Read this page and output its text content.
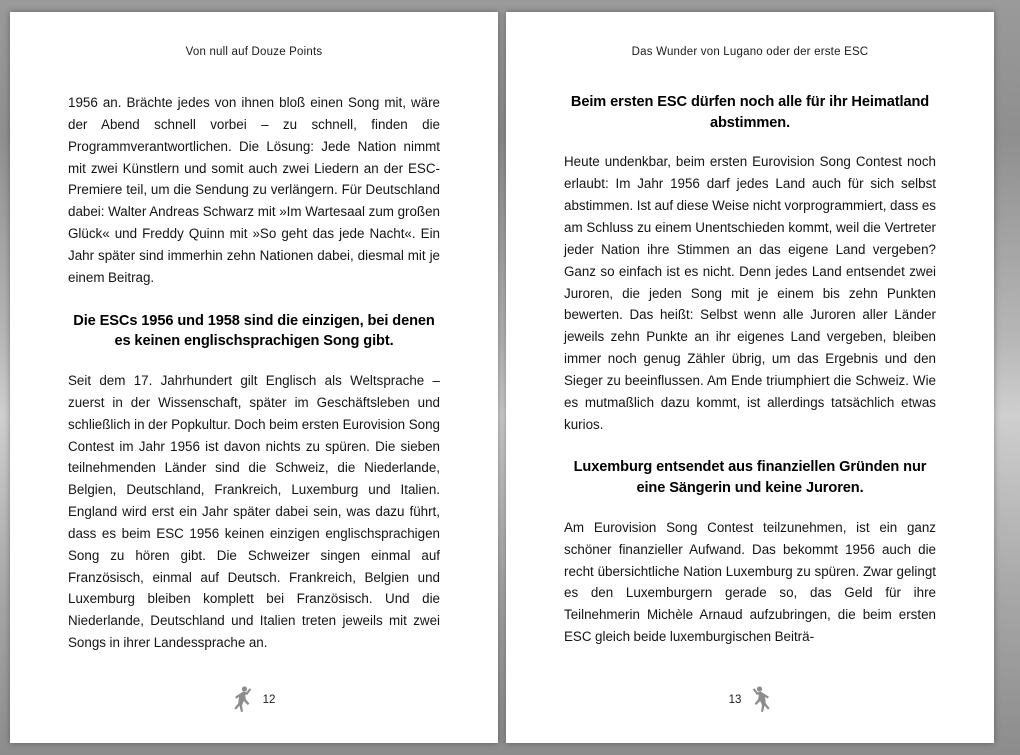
Von null auf Douze Points

1956 an. Brächte jedes von ihnen bloß einen Song mit, wäre der Abend schnell vorbei – zu schnell, finden die Programmverantwortlichen. Die Lösung: Jede Nation nimmt mit zwei Künstlern und somit auch zwei Liedern an der ESC-Premiere teil, um die Sendung zu verlängern. Für Deutschland dabei: Walter Andreas Schwarz mit »Im Wartesaal zum großen Glück« und Freddy Quinn mit »So geht das jede Nacht«. Ein Jahr später sind immerhin zehn Nationen dabei, diesmal mit je einem Beitrag.

Die ESCs 1956 und 1958 sind die einzigen, bei denen es keinen englischsprachigen Song gibt.

Seit dem 17. Jahrhundert gilt Englisch als Weltsprache – zuerst in der Wissenschaft, später im Geschäftsleben und schließlich in der Popkultur. Doch beim ersten Eurovision Song Contest im Jahr 1956 ist davon nichts zu spüren. Die sieben teilnehmenden Länder sind die Schweiz, die Niederlande, Belgien, Deutschland, Frankreich, Luxemburg und Italien. England wird erst ein Jahr später dabei sein, was dazu führt, dass es beim ESC 1956 keinen einzigen englischsprachigen Song zu hören gibt. Die Schweizer singen einmal auf Französisch, einmal auf Deutsch. Frankreich, Belgien und Luxemburg bleiben komplett bei Französisch. Und die Niederlande, Deutschland und Italien treten jeweils mit zwei Songs in ihrer Landessprache an.

12
Das Wunder von Lugano oder der erste ESC
Beim ersten ESC dürfen noch alle für ihr Heimatland abstimmen.

Heute undenkbar, beim ersten Eurovision Song Contest noch erlaubt: Im Jahr 1956 darf jedes Land auch für sich selbst abstimmen. Ist auf diese Weise nicht vorprogrammiert, dass es am Schluss zu einem Unentschieden kommt, weil die Vertreter jeder Nation ihre Stimmen an das eigene Land vergeben? Ganz so einfach ist es nicht. Denn jedes Land entsendet zwei Juroren, die jeden Song mit je einem bis zehn Punkten bewerten. Das heißt: Selbst wenn alle Juroren aller Länder jeweils zehn Punkte an ihr eigenes Land vergeben, bleiben immer noch genug Zähler übrig, um das Ergebnis und den Sieger zu beeinflussen. Am Ende triumphiert die Schweiz. Wie es mutmaßlich dazu kommt, ist allerdings tatsächlich etwas kurios.

Luxemburg entsendet aus finanziellen Gründen nur eine Sängerin und keine Juroren.

Am Eurovision Song Contest teilzunehmen, ist ein ganz schöner finanzieller Aufwand. Das bekommt 1956 auch die recht übersichtliche Nation Luxemburg zu spüren. Zwar gelingt es den Luxemburgern gerade so, das Geld für ihre Teilnehmerin Michèle Arnaud aufzubringen, die beim ersten ESC gleich beide luxemburgischen Beiträ-

13
